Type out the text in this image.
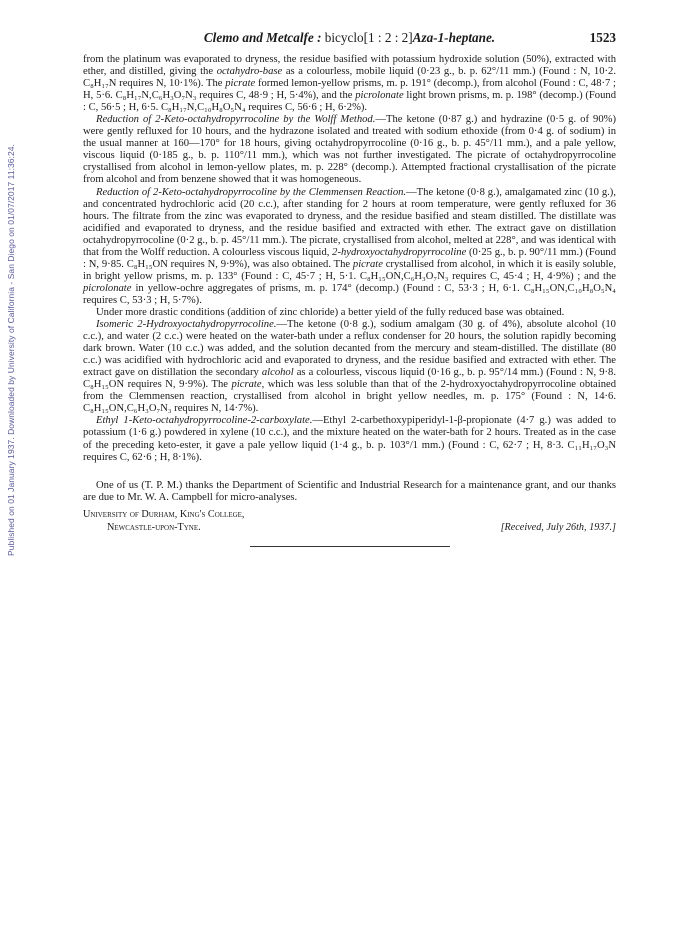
Published on 01 January 1937. Downloaded by University of California - San Diego on 01/07/2017 11:36:24.
Clemo and Metcalfe : bicyclo[1 : 2 : 2]Aza-1-heptane.	1523

from the platinum was evaporated to dryness, the residue basified with potassium hydroxide solution (50%), extracted with ether, and distilled, giving the octahydro-base as a colourless, mobile liquid (0·23 g., b. p. 62°/11 mm.) (Found : N, 10·2. C₈H₁₇N requires N, 10·1%). The picrate formed lemon-yellow prisms, m. p. 191° (decomp.), from alcohol (Found : C, 48·7 ; H, 5·6. C₈H₁₇N,C₆H₃O₇N₃ requires C, 48·9 ; H, 5·4%), and the picrolonate light brown prisms, m. p. 198° (decomp.) (Found : C, 56·5 ; H, 6·5. C₈H₁₇N,C₁₀H₈O₅N₄ requires C, 56·6 ; H, 6·2%).

Reduction of 2-Keto-octahydropyrrocoline by the Wolff Method.—The ketone (0·87 g.) and hydrazine (0·5 g. of 90%) were gently refluxed for 10 hours, and the hydrazone isolated and treated with sodium ethoxide (from 0·4 g. of sodium) in the usual manner at 160—170° for 18 hours, giving octahydropyrrocoline (0·16 g., b. p. 45°/11 mm.), and a pale yellow, viscous liquid (0·185 g., b. p. 110°/11 mm.), which was not further investigated. The picrate of octahydropyrrocoline crystallised from alcohol in lemon-yellow plates, m. p. 228° (decomp.). Attempted fractional crystallisation of the picrate from alcohol and from benzene showed that it was homogeneous.

Reduction of 2-Keto-octahydropyrrocoline by the Clemmensen Reaction.—The ketone (0·8 g.), amalgamated zinc (10 g.), and concentrated hydrochloric acid (20 c.c.), after standing for 2 hours at room temperature, were gently refluxed for 36 hours. The filtrate from the zinc was evaporated to dryness, and the residue basified and steam distilled. The distillate was acidified and evaporated to dryness, and the residue basified and extracted with ether. The extract gave on distillation octahydropyrrocoline (0·2 g., b. p. 45°/11 mm.). The picrate, crystallised from alcohol, melted at 228°, and was identical with that from the Wolff reduction. A colourless viscous liquid, 2-hydroxyoctahydropyrrocoline (0·25 g., b. p. 90°/11 mm.) (Found : N, 9·85. C₈H₁₅ON requires N, 9·9%), was also obtained. The picrate crystallised from alcohol, in which it is easily soluble, in bright yellow prisms, m. p. 133° (Found : C, 45·7 ; H, 5·1. C₈H₁₅ON,C₆H₃O₇N₃ requires C, 45·4 ; H, 4·9%) ; and the picrolonate in yellow-ochre aggregates of prisms, m. p. 174° (decomp.) (Found : C, 53·3 ; H, 6·1. C₈H₁₅ON,C₁₀H₈O₅N₄ requires C, 53·3 ; H, 5·7%).

Under more drastic conditions (addition of zinc chloride) a better yield of the fully reduced base was obtained.

Isomeric 2-Hydroxyoctahydropyrrocoline.—The ketone (0·8 g.), sodium amalgam (30 g. of 4%), absolute alcohol (10 c.c.), and water (2 c.c.) were heated on the water-bath under a reflux condenser for 20 hours, the solution rapidly becoming dark brown. Water (10 c.c.) was added, and the solution decanted from the mercury and steam-distilled. The distillate (80 c.c.) was acidified with hydrochloric acid and evaporated to dryness, and the residue basified and extracted with ether. The extract gave on distillation the secondary alcohol as a colourless, viscous liquid (0·16 g., b. p. 95°/14 mm.) (Found : N, 9·8. C₈H₁₅ON requires N, 9·9%). The picrate, which was less soluble than that of the 2-hydroxyoctahydropyrrocoline obtained from the Clemmensen reaction, crystallised from alcohol in bright yellow needles, m. p. 175° (Found : N, 14·6. C₈H₁₅ON,C₆H₃O₇N₃ requires N, 14·7%).

Ethyl 1-Keto-octahydropyrrocoline-2-carboxylate.—Ethyl 2-carbethoxypiperidyl-1-β-propionate (4·7 g.) was added to potassium (1·6 g.) powdered in xylene (10 c.c.), and the mixture heated on the water-bath for 2 hours. Treated as in the case of the preceding keto-ester, it gave a pale yellow liquid (1·4 g., b. p. 103°/1 mm.) (Found : C, 62·7 ; H, 8·3. C₁₁H₁₇O₃N requires C, 62·6 ; H, 8·1%).

One of us (T. P. M.) thanks the Department of Scientific and Industrial Research for a maintenance grant, and our thanks are due to Mr. W. A. Campbell for micro-analyses.

University of Durham, King's College,
Newcastle-upon-Tyne.	[Received, July 26th, 1937.]
